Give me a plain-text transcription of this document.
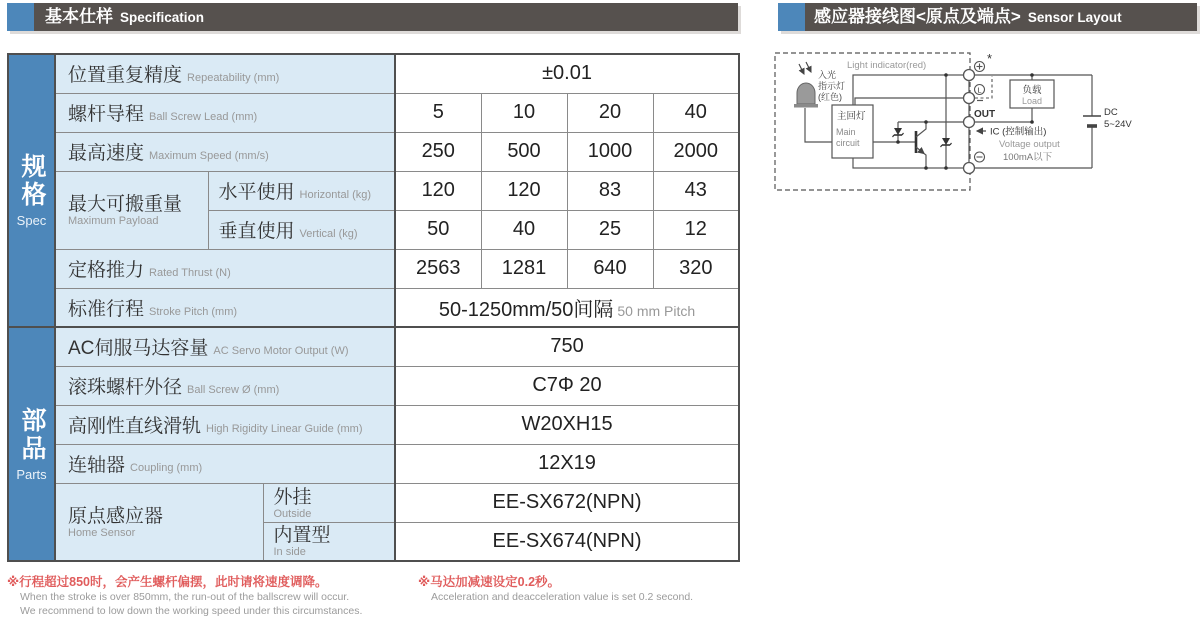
基本仕样 Specification	感应器接线图<原点及端点> Sensor Layout
规格
Spec	位置重复精度 Repeatability (mm)			±0.01			
	螺杆导程 Ball Screw Lead (mm)			5	10	20	40
	最高速度 Maximum Speed (mm/s)			250	500	1000	2000

	最大可搬重量
Maximum Payload	水平使用 Horizontal (kg)		120	120	83	43
		垂直使用 Vertical (kg)		50	40	25	12
	定格推力 Rated Thrust (N)			2563	1281	640	320
	标准行程 Stroke Pitch (mm)			50-1250mm/50间隔 50 mm Pitch			

部品
Parts	AC伺服马达容量 AC Servo Motor Output (W)			750			
	滚珠螺杆外径 Ball Screw Ø (mm)			C7Φ 20			
	高刚性直线滑轨 High Rigidity Linear Guide (mm)			W20XH15			
	连轴器 Coupling (mm)			12X19			

	原点感应器
Home Sensor		外挂
Outside	EE-SX672(NPN)			

			内置型
In side	EE-SX674(NPN)			
※行程超过850时，会产生螺杆偏摆，此时请将速度调降。
When the stroke is over 850mm, the run-out of the ballscrew will occur.
We recommend to low down the working speed under this circumstances.
※马达加减速设定0.2秒。
Acceleration and deacceleration value is set 0.2 second.
主回灯
Main
circuit
负载
Load
*
L
Light indicator(red)
入光
指示灯
(红色)
OUT
IC (控制输出)
Voltage output
100mA以下
DC
5~24V
